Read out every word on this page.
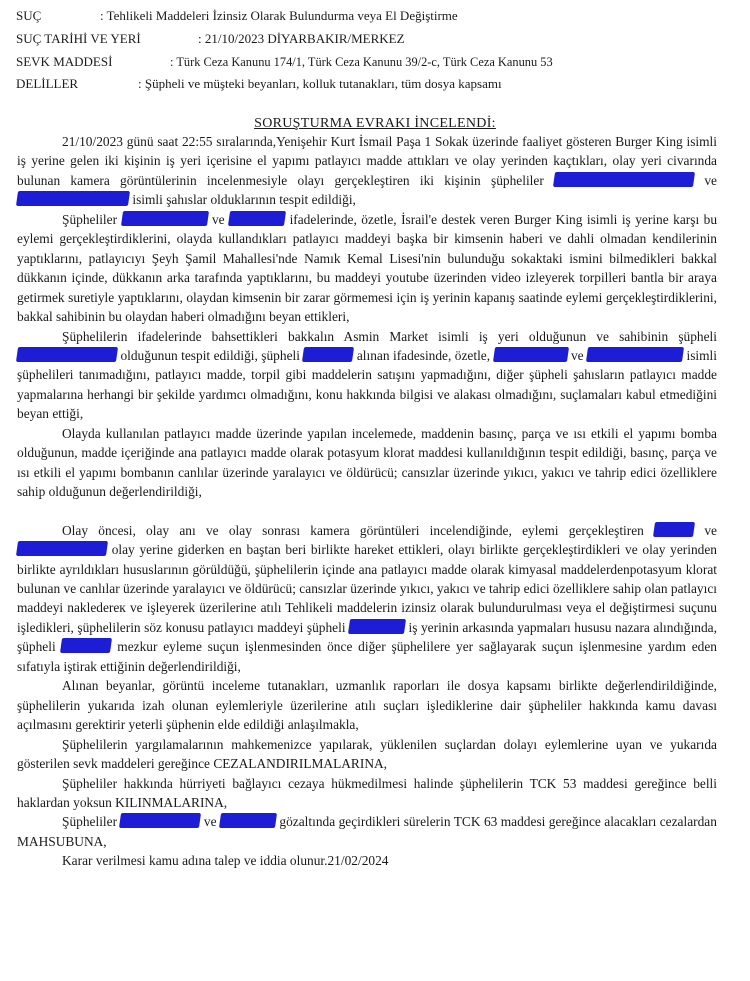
SUÇ	: Tehlikeli Maddeleri İzinsiz Olarak Bulundurma veya El Değiştirme
SUÇ TARİHİ VE YERİ	: 21/10/2023 DİYARBAKIR/MERKEZ
SEVK MADDESİ	: Türk Ceza Kanunu 174/1, Türk Ceza Kanunu 39/2-c, Türk Ceza Kanunu 53
DELİLLER	: Şüpheli ve müşteki beyanları, kolluk tutanakları, tüm dosya kapsamı
SORUŞTURMA EVRAKI İNCELENDİ:

21/10/2023 günü saat 22:55 sıralarında,Yenişehir Kurt İsmail Paşa 1 Sokak üzerinde faaliyet gösteren Burger King isimli iş yerine gelen iki kişinin iş yeri içerisine el yapımı patlayıcı madde attıkları ve olay yerinden kaçtıkları, olay yeri civarında bulunan kamera görüntülerinin incelenmesiyle olayı gerçekleştiren iki kişinin şüpheliler	ve  isimli şahıslar olduklarının tespit edildiği,

Şüpheliler	ve	ifadelerinde, özetle, İsrail'e destek veren Burger King isimli iş yerine karşı bu eylemi gerçekleştirdiklerini, olayda kullandıkları patlayıcı maddeyi başka bir kimsenin haberi ve dahli olmadan kendilerinin yaptıklarını, patlayıcıyı Şeyh Şamil Mahallesi'nde Namık Kemal Lisesi'nin bulunduğu sokaktaki ismini bilmedikleri bakkal dükkanın içinde, dükkanın arka tarafında yaptıklarını, bu maddeyi youtube üzerinden video izleyerek torpilleri bantla bir araya getirmek suretiyle yaptıklarını, olaydan kimsenin bir zarar görmemesi için iş yerinin kapanış saatinde eylemi gerçekleştirdiklerini, bakkal sahibinin bu olaydan haberi olmadığını beyan ettikleri,

Şüphelilerin ifadelerinde bahsettikleri bakkalın Asmin Market isimli iş yeri olduğunun ve sahibinin şüpheli  olduğunun tespit edildiği, şüpheli	alınan ifadesinde, özetle,	ve	isimli şüphelileri tanımadığını, patlayıcı madde, torpil gibi maddelerin satışını yapmadığını, diğer şüpheli şahısların patlayıcı madde yapmalarına herhangi bir şekilde yardımcı olmadığını, konu hakkında bilgisi ve alakası olmadığını, suçlamaları kabul etmediğini beyan ettiği,

Olayda kullanılan patlayıcı madde üzerinde yapılan incelemede, maddenin basınç, parça ve ısı etkili el yapımı bomba olduğunun, madde içeriğinde ana patlayıcı madde olarak potasyum klorat maddesi kullanıldığının tespit edildiği, basınç, parça ve ısı etkili el yapımı bombanın canlılar üzerinde yaralayıcı ve öldürücü; cansızlar üzerinde yıkıcı, yakıcı ve tahrip edici özelliklere sahip olduğunun değerlendirildiği,

Olay öncesi, olay anı ve olay sonrası kamera görüntüleri incelendiğinde, eylemi gerçekleştiren	ve  olay yerine giderken en baştan beri birlikte hareket ettikleri, olayı birlikte gerçekleştirdikleri ve olay yerinden birlikte ayrıldıkları hususlarının görüldüğü, şüphelilerin içinde ana patlayıcı madde olarak kimyasal maddelerdenpotasyum klorat bulunan ve canlılar üzerinde yaralayıcı ve öldürücü; cansızlar üzerinde yıkıcı, yakıcı ve tahrip edici özelliklere sahip olan patlayıcı maddeyi nakledereк ve işleyerek üzerilerine atılı Tehlikeli maddelerin izinsiz olarak bulundurulması veya el değiştirmesi suçunu işledikleri, şüphelilerin söz konusu patlayıcı maddeyi şüpheli	iş yerinin arkasında yapmaları hususu nazara alındığında, şüpheli	mezkur eyleme suçun işlenmesinden önce diğer şüphelilere yer sağlayarak suçun işlenmesine yardım eden sıfatıyla iştirak ettiğinin değerlendirildiği,

Alınan beyanlar, görüntü inceleme tutanakları, uzmanlık raporları ile dosya kapsamı birlikte değerlendirildiğinde, şüphelilerin yukarıda izah olunan eylemleriyle üzerilerine atılı suçları işlediklerine dair şüpheliler hakkında kamu davası açılmasını gerektirir yeterli şüphenin elde edildiği anlaşılmakla,

Şüphelilerin yargılamalarının mahkemenizce yapılarak, yüklenilen suçlardan dolayı eylemlerine uyan ve yukarıda gösterilen sevk maddeleri gereğince CEZALANDIRILMALARINA,

Şüpheliler hakkında hürriyeti bağlayıcı cezaya hükmedilmesi halinde şüphelilerin TCK 53 maddesi gereğince belli haklardan yoksun KILINMALARINA,

Şüpheliler	ve	gözaltında geçirdikleri sürelerin TCK 63 maddesi gereğince alacakları cezalardan MAHSUBUNA,

Karar verilmesi kamu adına talep ve iddia olunur.21/02/2024
